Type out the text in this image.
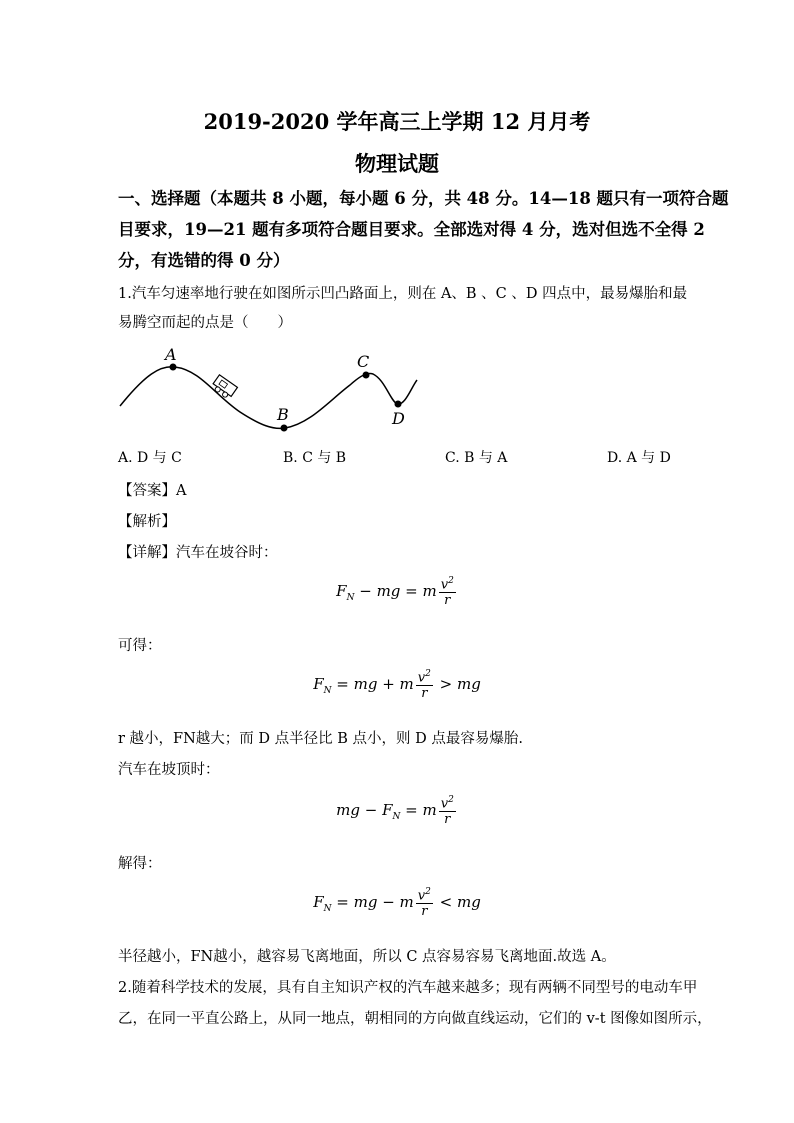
2019-2020 学年高三上学期 12 月月考
物理试题
一、选择题（本题共 8 小题，每小题 6 分，共 48 分。14—18 题只有一项符合题
目要求，19—21 题有多项符合题目要求。全部选对得 4 分，选对但选不全得 2
分，有选错的得 0 分）
1.汽车匀速率地行驶在如图所示凹凸路面上，则在 A、B 、C 、D 四点中，最易爆胎和最
易腾空而起的点是（　　）
A
B
C
D
A. D 与 C	B. C 与 B	C. B 与 A	D. A 与 D
【答案】A
【解析】
【详解】汽车在坡谷时：
$F_N$ − mg = m $\frac{v^2}{r}$
可得：
$F_N$ = mg + m $\frac{v^2}{r}$ > mg
r 越小，FN越大；而 D 点半径比 B 点小，则 D 点最容易爆胎.
汽车在坡顶时：
mg − $F_N = m \frac{v^2}{r}$
解得：
$F_N$ = mg − m $\frac{v^2}{r}$ < mg
半径越小，FN越小，越容易飞离地面，所以 C 点容易容易飞离地面.故选 A。
2.随着科学技术的发展，具有自主知识产权的汽车越来越多；现有两辆不同型号的电动车甲
乙，在同一平直公路上，从同一地点，朝相同的方向做直线运动，它们的 v-t 图像如图所示，
